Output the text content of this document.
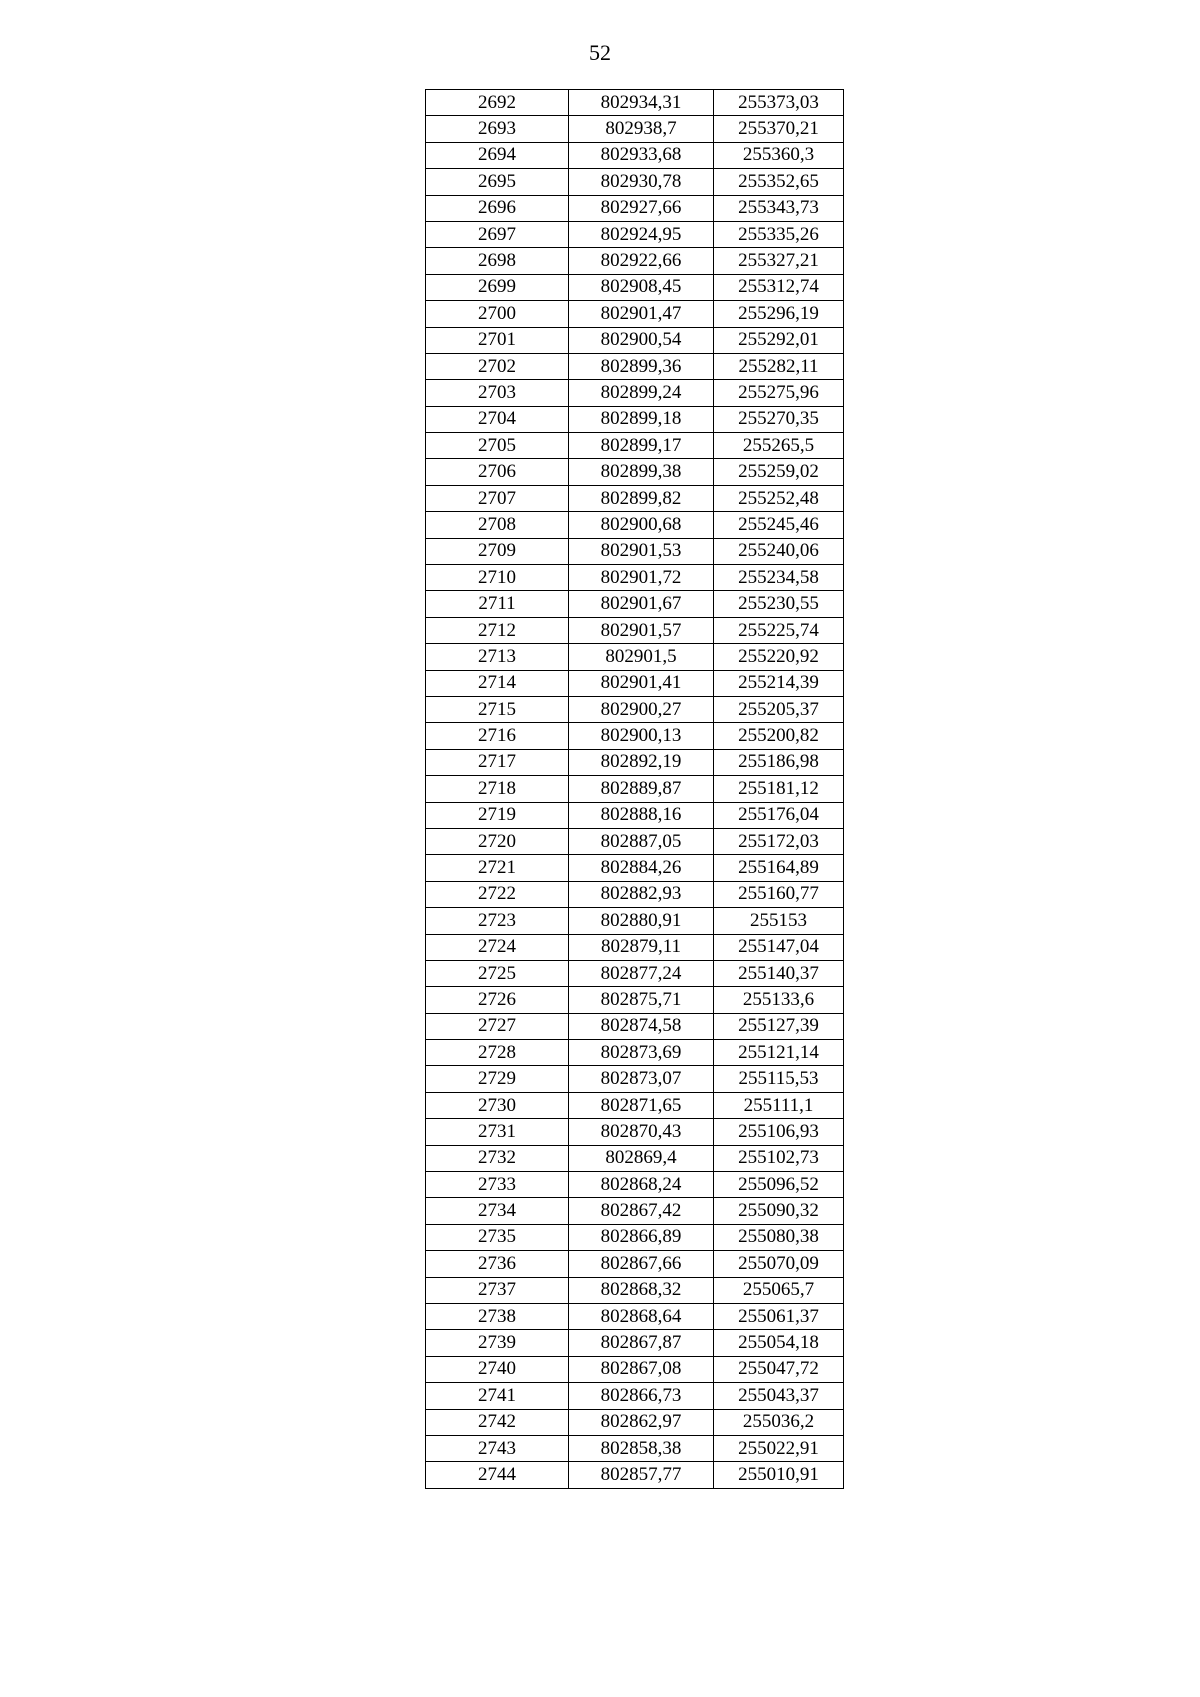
52
2692	802934,31	255373,03
2693	802938,7	255370,21
2694	802933,68	255360,3
2695	802930,78	255352,65
2696	802927,66	255343,73
2697	802924,95	255335,26
2698	802922,66	255327,21
2699	802908,45	255312,74
2700	802901,47	255296,19
2701	802900,54	255292,01
2702	802899,36	255282,11
2703	802899,24	255275,96
2704	802899,18	255270,35
2705	802899,17	255265,5
2706	802899,38	255259,02
2707	802899,82	255252,48
2708	802900,68	255245,46
2709	802901,53	255240,06
2710	802901,72	255234,58
2711	802901,67	255230,55
2712	802901,57	255225,74
2713	802901,5	255220,92
2714	802901,41	255214,39
2715	802900,27	255205,37
2716	802900,13	255200,82
2717	802892,19	255186,98
2718	802889,87	255181,12
2719	802888,16	255176,04
2720	802887,05	255172,03
2721	802884,26	255164,89
2722	802882,93	255160,77
2723	802880,91	255153
2724	802879,11	255147,04
2725	802877,24	255140,37
2726	802875,71	255133,6
2727	802874,58	255127,39
2728	802873,69	255121,14
2729	802873,07	255115,53
2730	802871,65	255111,1
2731	802870,43	255106,93
2732	802869,4	255102,73
2733	802868,24	255096,52
2734	802867,42	255090,32
2735	802866,89	255080,38
2736	802867,66	255070,09
2737	802868,32	255065,7
2738	802868,64	255061,37
2739	802867,87	255054,18
2740	802867,08	255047,72
2741	802866,73	255043,37
2742	802862,97	255036,2
2743	802858,38	255022,91
2744	802857,77	255010,91
